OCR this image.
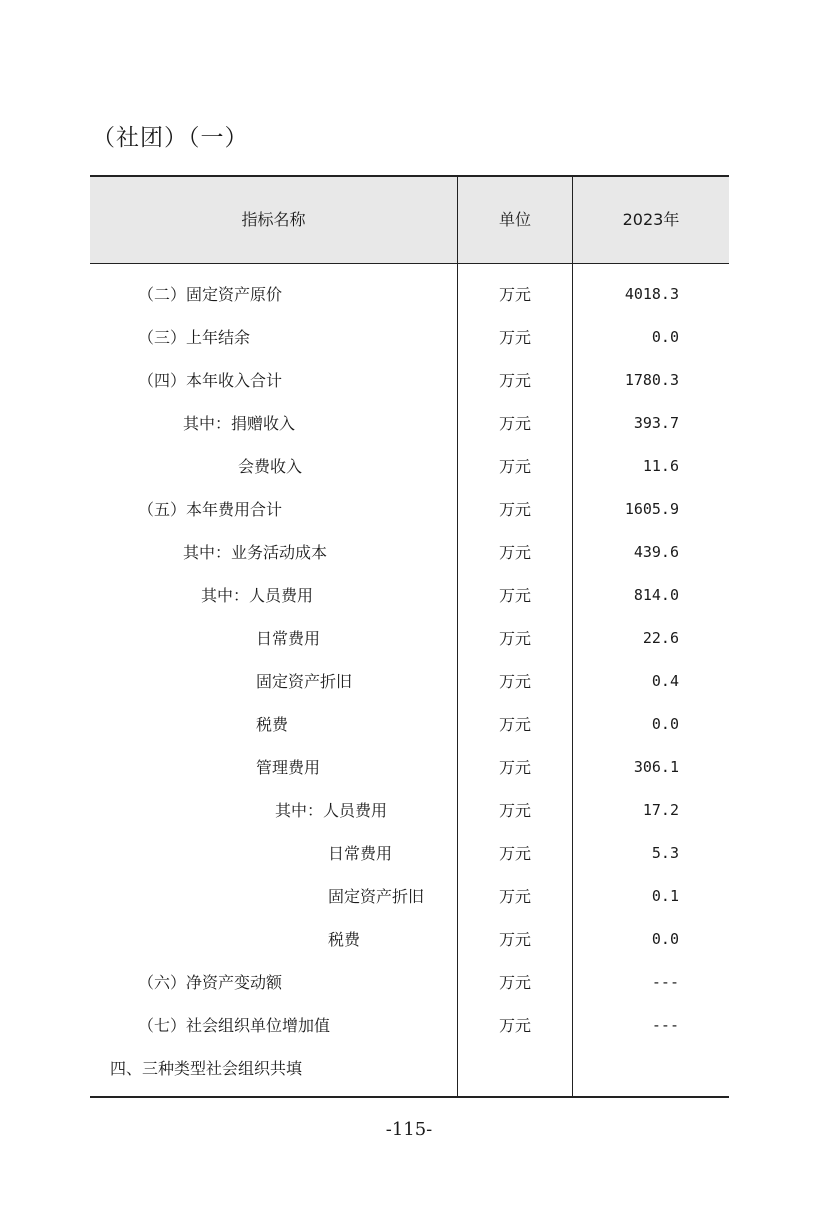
（社团）（一）
指标名称	单位	2023年
（二）固定资产原价	万元	4018.3
（三）上年结余	万元	0.0
（四）本年收入合计	万元	1780.3
其中：捐赠收入	万元	393.7
会费收入	万元	11.6
（五）本年费用合计	万元	1605.9
其中：业务活动成本	万元	439.6
其中：人员费用	万元	814.0
日常费用	万元	22.6
固定资产折旧	万元	0.4
税费	万元	0.0
管理费用	万元	306.1
其中：人员费用	万元	17.2
日常费用	万元	5.3
固定资产折旧	万元	0.1
税费	万元	0.0
（六）净资产变动额	万元	---
（七）社会组织单位增加值	万元	---
四、三种类型社会组织共填
-115-
